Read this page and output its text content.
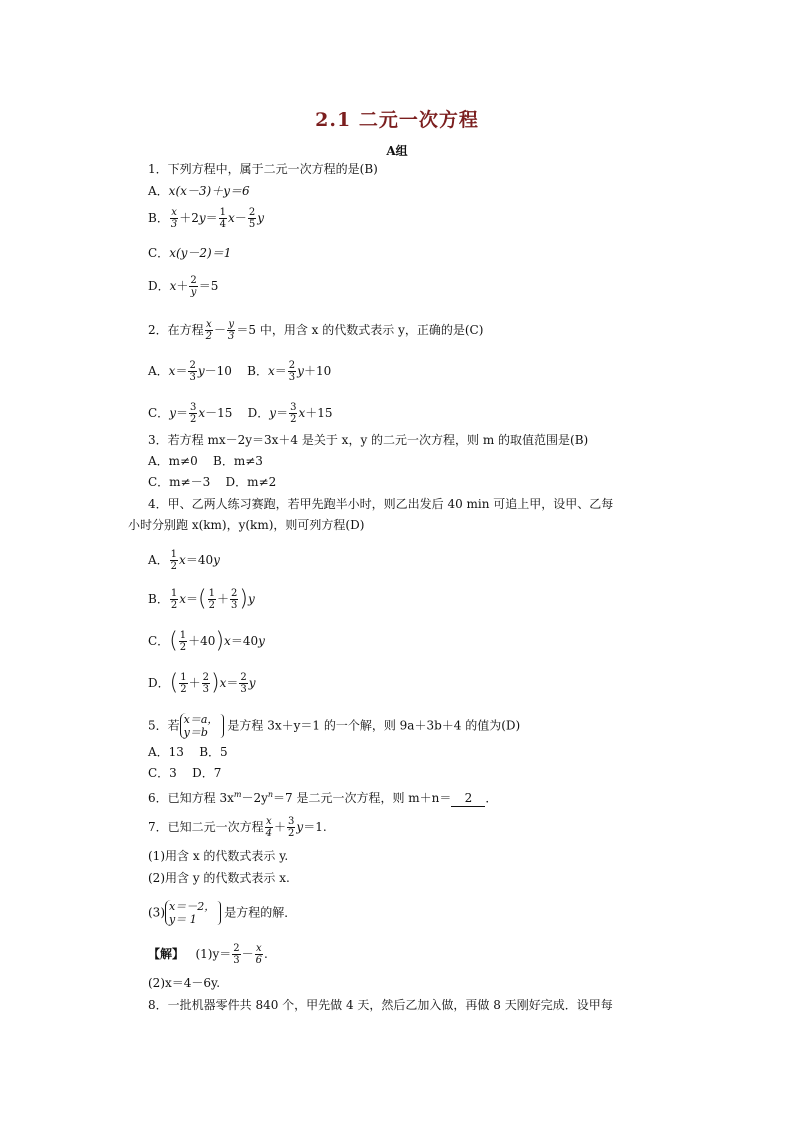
2.1 二元一次方程
A组
1．下列方程中，属于二元一次方程的是(B)
A．x(x－3)＋y＝6
B． $\frac{x}{3} +2y= \frac{1}{4} x- \frac{2}{5}$ y
C．x(y－2)＝1
D．$x+ \frac{2}{y} =5$
2．在方程 $\frac{x}{2} - \frac{y}{3} =5$ 中，用含 x 的代数式表示 y，正确的是(C)
A．$x= \frac{2}{3} y-10$    B．$x= \frac{2}{3} y+10$
C．$y= \frac{3}{2} x-15$    D．$y= \frac{3}{2} x+15$
3．若方程 mx－2y＝3x＋4 是关于 x，y 的二元一次方程，则 m 的取值范围是(B)
A．m≠0 B．m≠3
C．m≠－3 D．m≠2
4．甲、乙两人练习赛跑，若甲先跑半小时，则乙出发后 40 min 可追上甲，设甲、乙每
小时分别跑 x(km)，y(km)，则可列方程(D)
A． $\frac{1}{2} x=40y$
B． $\frac{1}{2} x=( \frac{1}{2} + \frac{2}{3} )y$
C．( $\frac{1}{2} +40)x=40y$
D．( $\frac{1}{2} + \frac{2}{3} )x= \frac{2}{3}$ y
5．若 x＝a，
y＝b	是方程 3x＋y＝1 的一个解，则 9a＋3b＋4 的值为(D)
A．13 B．5
C．3 D．7
6．已知方程 $3x^m-2y^n=7$ 是二元一次方程，则 m＋n＝ 2 ．
7．已知二元一次方程 $\frac{x}{4} + \frac{3}{2} y=1$.
(1)用含 x 的代数式表示 y.
(2)用含 y 的代数式表示 x.
(3) x＝－2，
y＝ 1	是方程的解．
【解】 $(1)y= \frac{2}{3} - \frac{x}{6}$ .
(2)x＝4－6y.
8．一批机器零件共 840 个，甲先做 4 天，然后乙加入做，再做 8 天刚好完成．设甲每
